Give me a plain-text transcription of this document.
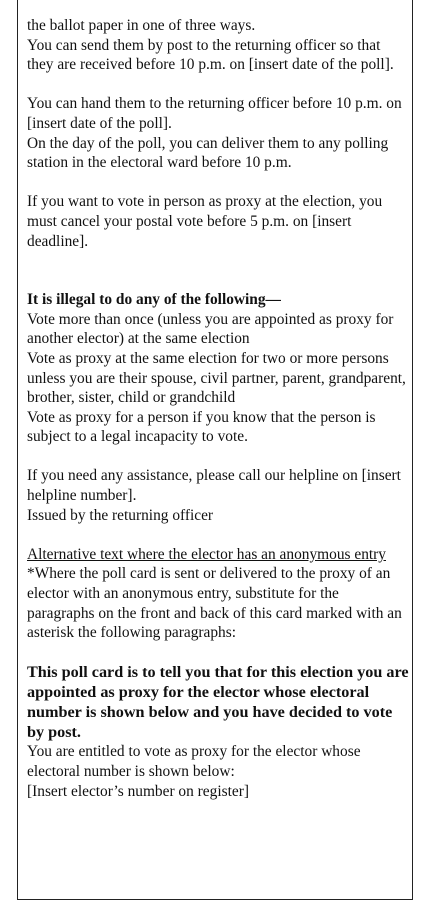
the ballot paper in one of three ways.

You can send them by post to the returning officer so that they are received before 10 p.m. on [insert date of the poll].

You can hand them to the returning officer before 10 p.m. on [insert date of the poll].

On the day of the poll, you can deliver them to any polling station in the electoral ward before 10 p.m.

If you want to vote in person as proxy at the election, you must cancel your postal vote before 5 p.m. on [insert deadline].

It is illegal to do any of the following—

Vote more than once (unless you are appointed as proxy for another elector) at the same election

Vote as proxy at the same election for two or more persons unless you are their spouse, civil partner, parent, grandparent, brother, sister, child or grandchild

Vote as proxy for a person if you know that the person is subject to a legal incapacity to vote.

If you need any assistance, please call our helpline on [insert helpline number].

Issued by the returning officer

Alternative text where the elector has an anonymous entry

*Where the poll card is sent or delivered to the proxy of an elector with an anonymous entry, substitute for the paragraphs on the front and back of this card marked with an asterisk the following paragraphs:

This poll card is to tell you that for this election you are appointed as proxy for the elector whose electoral number is shown below and you have decided to vote by post.

You are entitled to vote as proxy for the elector whose electoral number is shown below:

[Insert elector’s number on register]
